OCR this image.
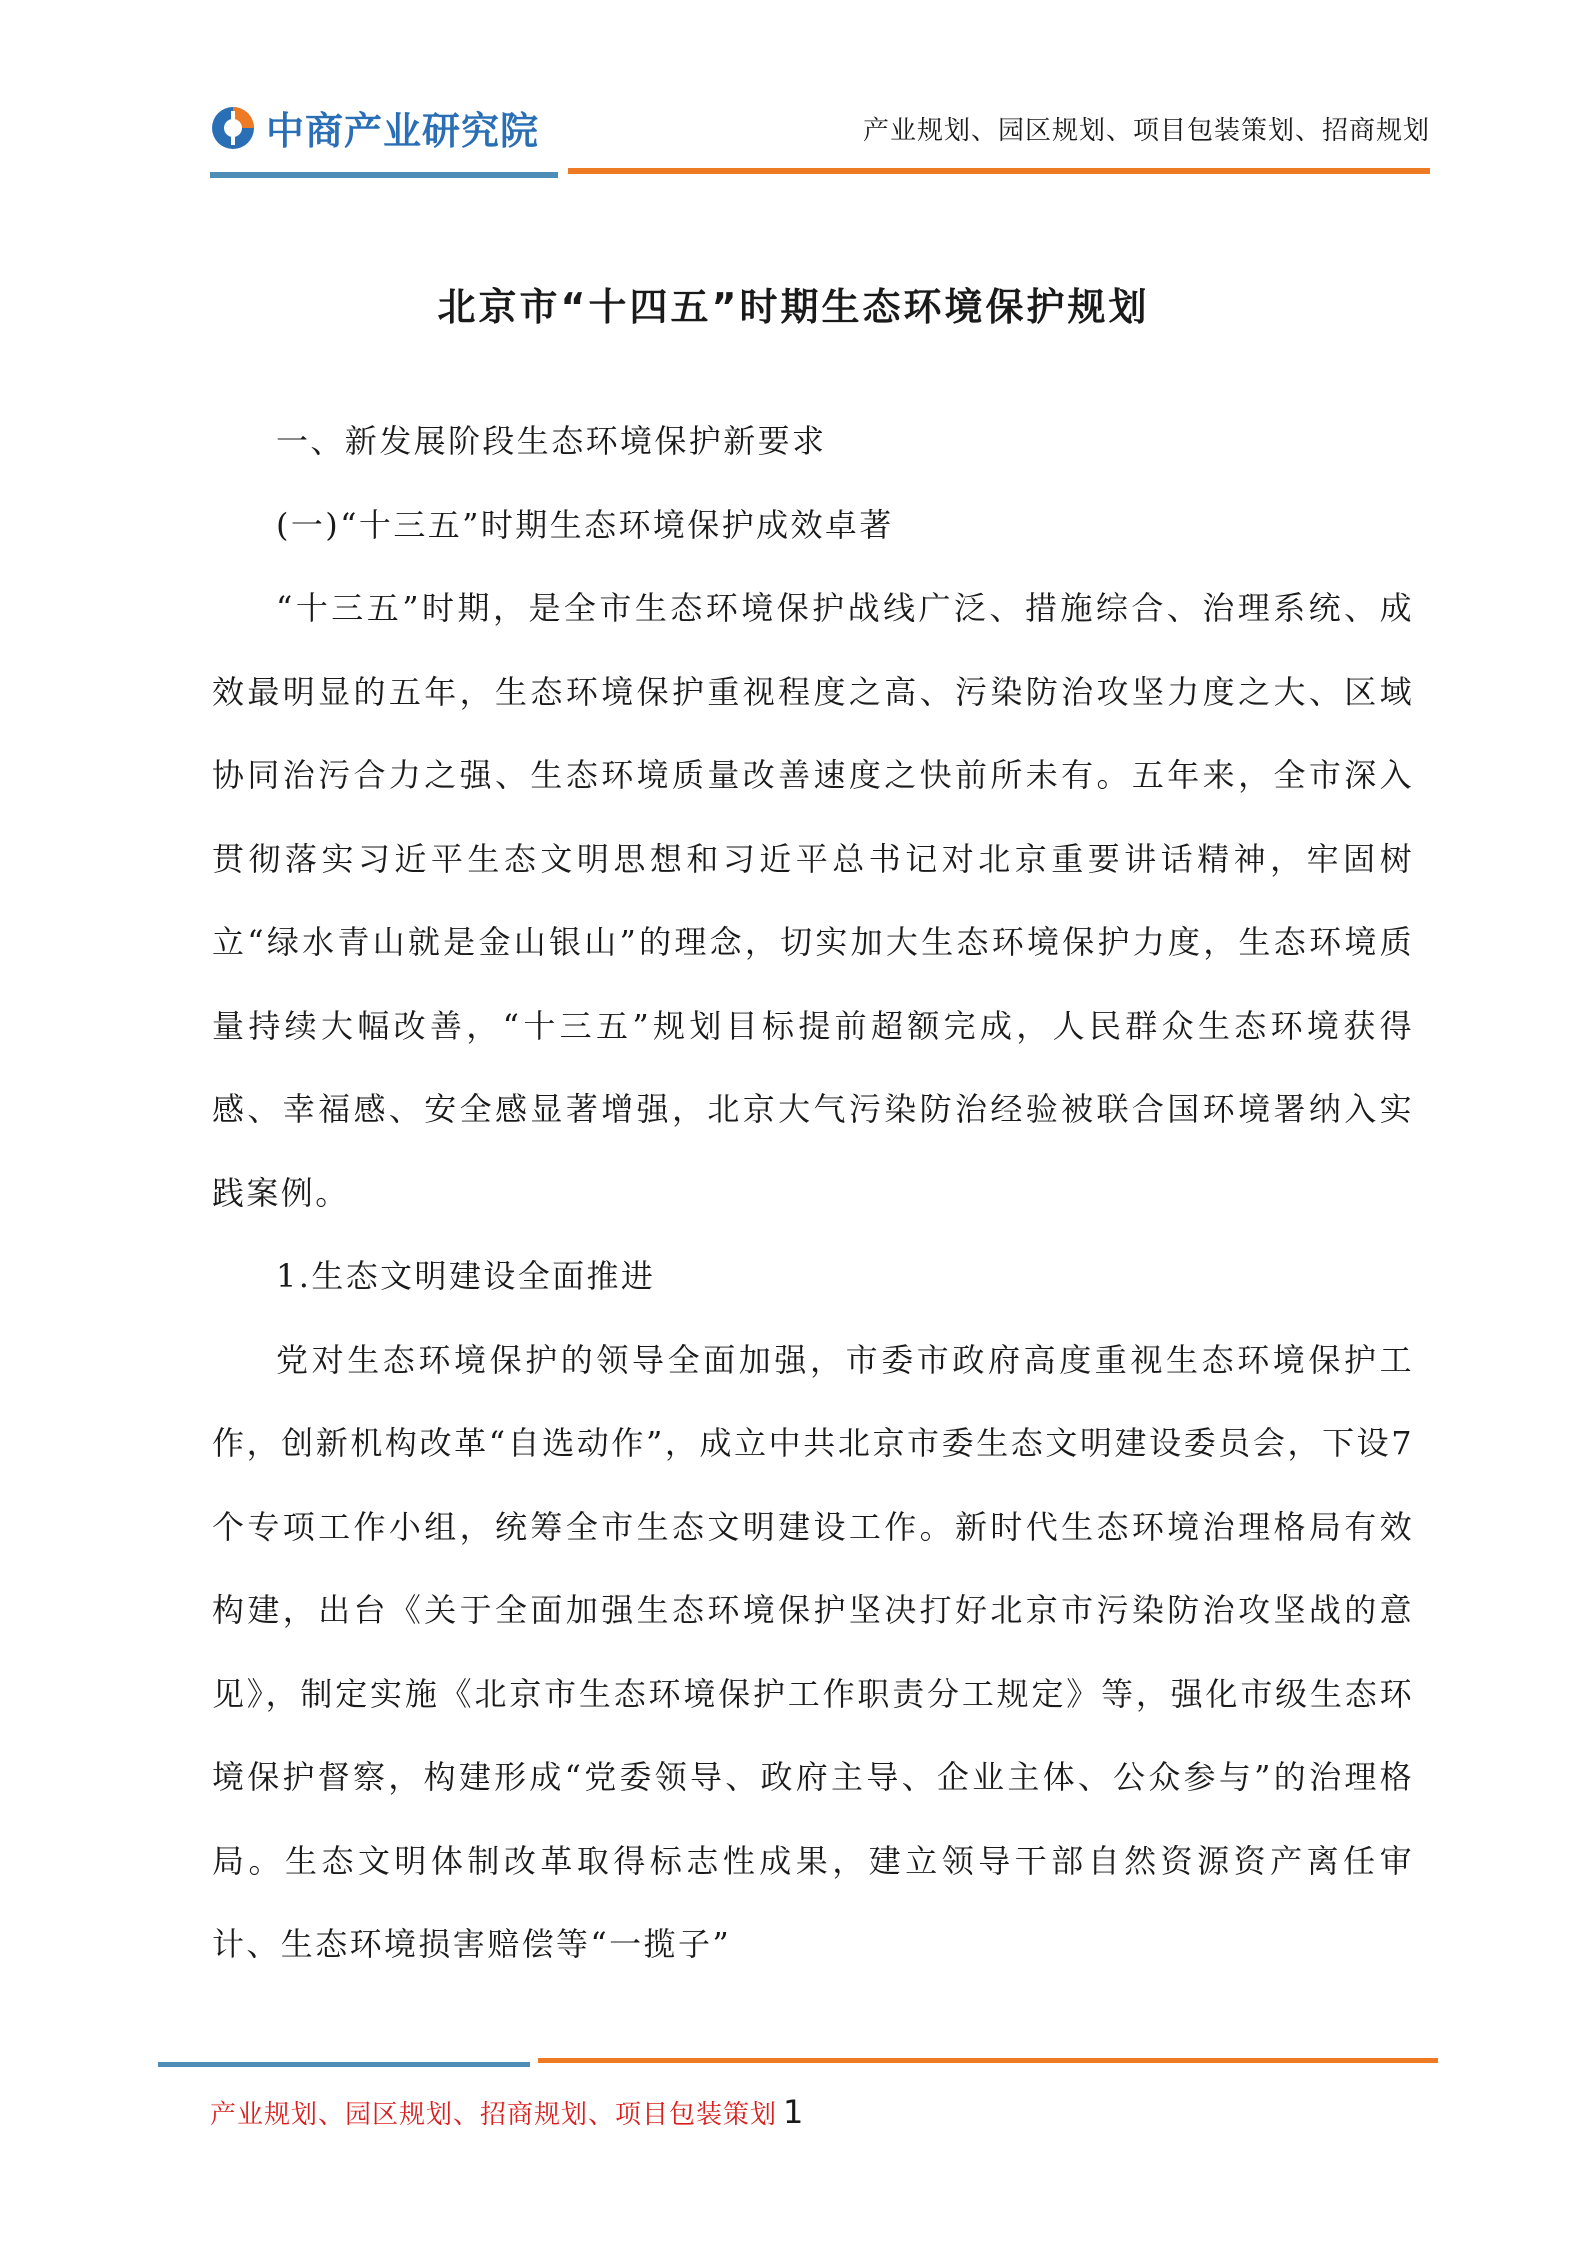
中商产业研究院	产业规划、园区规划、项目包装策划、招商规划
北京市“十四五”时期生态环境保护规划

一、新发展阶段生态环境保护新要求

(一)“十三五”时期生态环境保护成效卓著

“十三五”时期，是全市生态环境保护战线广泛、措施综合、治理系统、成效最明显的五年，生态环境保护重视程度之高、污染防治攻坚力度之大、区域协同治污合力之强、生态环境质量改善速度之快前所未有。五年来，全市深入贯彻落实习近平生态文明思想和习近平总书记对北京重要讲话精神，牢固树立“绿水青山就是金山银山”的理念，切实加大生态环境保护力度，生态环境质量持续大幅改善，“十三五”规划目标提前超额完成，人民群众生态环境获得感、幸福感、安全感显著增强，北京大气污染防治经验被联合国环境署纳入实践案例。

1.生态文明建设全面推进

党对生态环境保护的领导全面加强，市委市政府高度重视生态环境保护工作，创新机构改革“自选动作”，成立中共北京市委生态文明建设委员会，下设7个专项工作小组，统筹全市生态文明建设工作。新时代生态环境治理格局有效构建，出台《关于全面加强生态环境保护坚决打好北京市污染防治攻坚战的意见》，制定实施《北京市生态环境保护工作职责分工规定》等，强化市级生态环境保护督察，构建形成“党委领导、政府主导、企业主体、公众参与”的治理格局。生态文明体制改革取得标志性成果，建立领导干部自然资源资产离任审计、生态环境损害赔偿等“一揽子”

产业规划、园区规划、招商规划、项目包装策划 1
